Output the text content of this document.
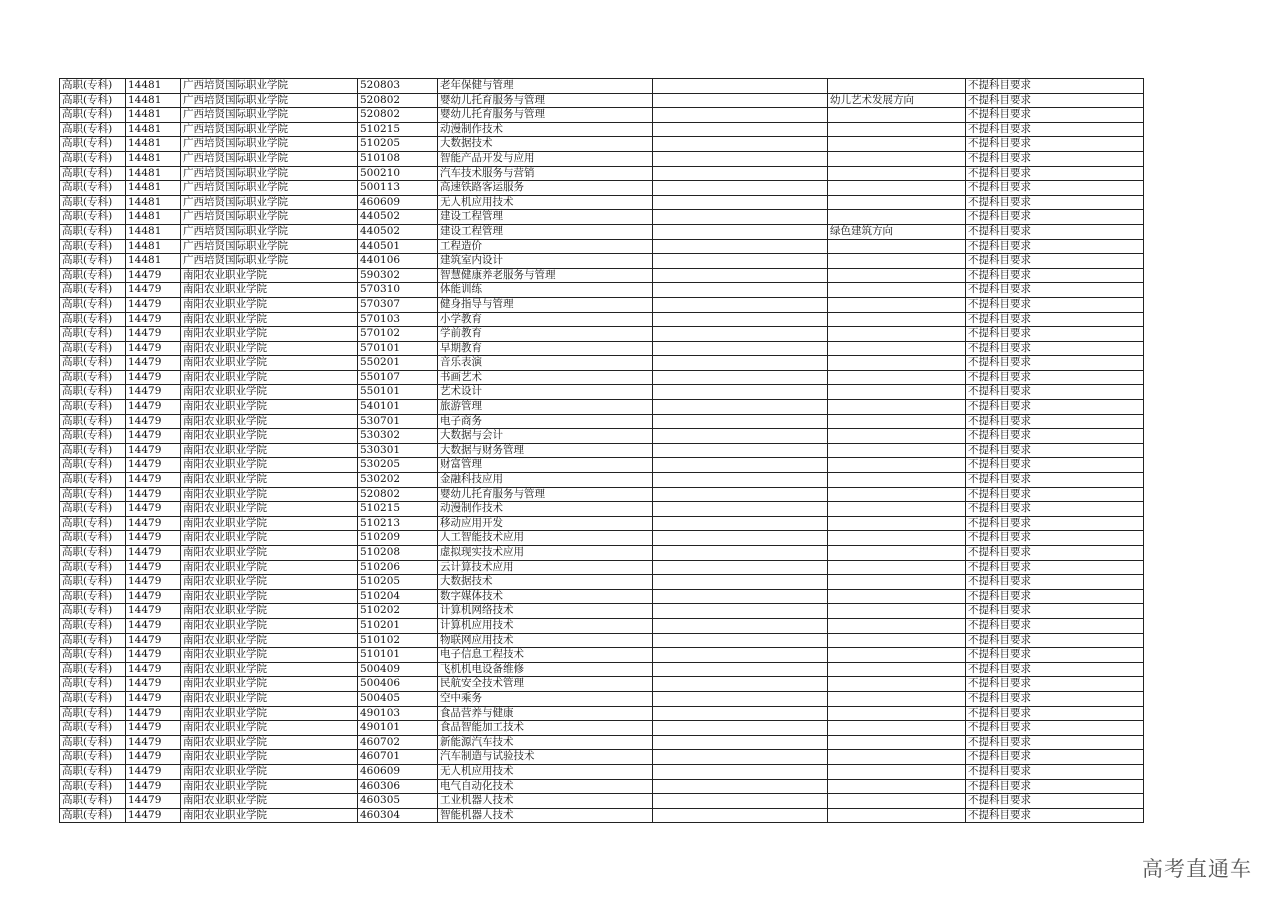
高职(专科)	14481	广西培贤国际职业学院	520803	老年保健与管理			不提科目要求
高职(专科)	14481	广西培贤国际职业学院	520802	婴幼儿托育服务与管理		幼儿艺术发展方向	不提科目要求
高职(专科)	14481	广西培贤国际职业学院	520802	婴幼儿托育服务与管理			不提科目要求
高职(专科)	14481	广西培贤国际职业学院	510215	动漫制作技术			不提科目要求
高职(专科)	14481	广西培贤国际职业学院	510205	大数据技术			不提科目要求
高职(专科)	14481	广西培贤国际职业学院	510108	智能产品开发与应用			不提科目要求
高职(专科)	14481	广西培贤国际职业学院	500210	汽车技术服务与营销			不提科目要求
高职(专科)	14481	广西培贤国际职业学院	500113	高速铁路客运服务			不提科目要求
高职(专科)	14481	广西培贤国际职业学院	460609	无人机应用技术			不提科目要求
高职(专科)	14481	广西培贤国际职业学院	440502	建设工程管理			不提科目要求
高职(专科)	14481	广西培贤国际职业学院	440502	建设工程管理		绿色建筑方向	不提科目要求
高职(专科)	14481	广西培贤国际职业学院	440501	工程造价			不提科目要求
高职(专科)	14481	广西培贤国际职业学院	440106	建筑室内设计			不提科目要求
高职(专科)	14479	南阳农业职业学院	590302	智慧健康养老服务与管理			不提科目要求
高职(专科)	14479	南阳农业职业学院	570310	体能训练			不提科目要求
高职(专科)	14479	南阳农业职业学院	570307	健身指导与管理			不提科目要求
高职(专科)	14479	南阳农业职业学院	570103	小学教育			不提科目要求
高职(专科)	14479	南阳农业职业学院	570102	学前教育			不提科目要求
高职(专科)	14479	南阳农业职业学院	570101	早期教育			不提科目要求
高职(专科)	14479	南阳农业职业学院	550201	音乐表演			不提科目要求
高职(专科)	14479	南阳农业职业学院	550107	书画艺术			不提科目要求
高职(专科)	14479	南阳农业职业学院	550101	艺术设计			不提科目要求
高职(专科)	14479	南阳农业职业学院	540101	旅游管理			不提科目要求
高职(专科)	14479	南阳农业职业学院	530701	电子商务			不提科目要求
高职(专科)	14479	南阳农业职业学院	530302	大数据与会计			不提科目要求
高职(专科)	14479	南阳农业职业学院	530301	大数据与财务管理			不提科目要求
高职(专科)	14479	南阳农业职业学院	530205	财富管理			不提科目要求
高职(专科)	14479	南阳农业职业学院	530202	金融科技应用			不提科目要求
高职(专科)	14479	南阳农业职业学院	520802	婴幼儿托育服务与管理			不提科目要求
高职(专科)	14479	南阳农业职业学院	510215	动漫制作技术			不提科目要求
高职(专科)	14479	南阳农业职业学院	510213	移动应用开发			不提科目要求
高职(专科)	14479	南阳农业职业学院	510209	人工智能技术应用			不提科目要求
高职(专科)	14479	南阳农业职业学院	510208	虚拟现实技术应用			不提科目要求
高职(专科)	14479	南阳农业职业学院	510206	云计算技术应用			不提科目要求
高职(专科)	14479	南阳农业职业学院	510205	大数据技术			不提科目要求
高职(专科)	14479	南阳农业职业学院	510204	数字媒体技术			不提科目要求
高职(专科)	14479	南阳农业职业学院	510202	计算机网络技术			不提科目要求
高职(专科)	14479	南阳农业职业学院	510201	计算机应用技术			不提科目要求
高职(专科)	14479	南阳农业职业学院	510102	物联网应用技术			不提科目要求
高职(专科)	14479	南阳农业职业学院	510101	电子信息工程技术			不提科目要求
高职(专科)	14479	南阳农业职业学院	500409	飞机机电设备维修			不提科目要求
高职(专科)	14479	南阳农业职业学院	500406	民航安全技术管理			不提科目要求
高职(专科)	14479	南阳农业职业学院	500405	空中乘务			不提科目要求
高职(专科)	14479	南阳农业职业学院	490103	食品营养与健康			不提科目要求
高职(专科)	14479	南阳农业职业学院	490101	食品智能加工技术			不提科目要求
高职(专科)	14479	南阳农业职业学院	460702	新能源汽车技术			不提科目要求
高职(专科)	14479	南阳农业职业学院	460701	汽车制造与试验技术			不提科目要求
高职(专科)	14479	南阳农业职业学院	460609	无人机应用技术			不提科目要求
高职(专科)	14479	南阳农业职业学院	460306	电气自动化技术			不提科目要求
高职(专科)	14479	南阳农业职业学院	460305	工业机器人技术			不提科目要求
高职(专科)	14479	南阳农业职业学院	460304	智能机器人技术			不提科目要求
高考直通车
